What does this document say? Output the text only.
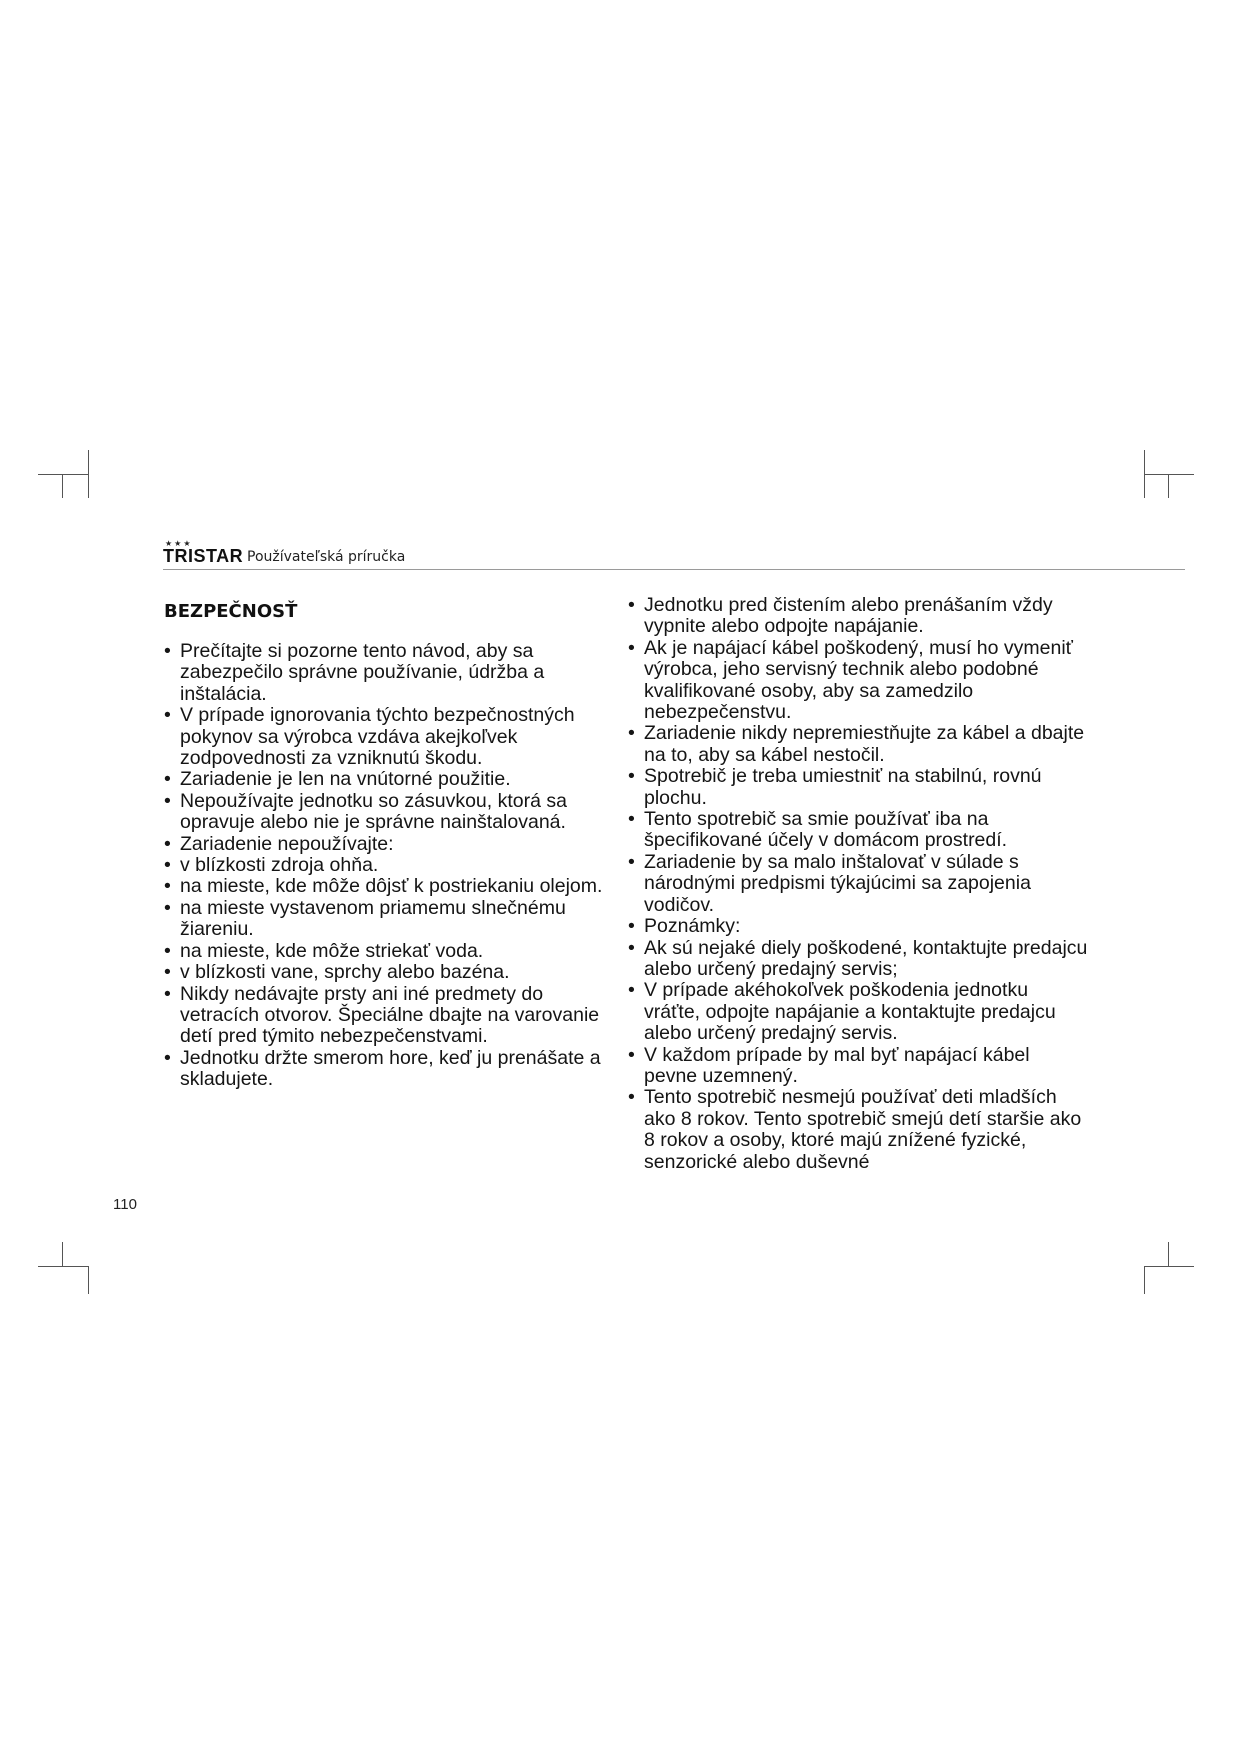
★★★
TRISTAR Používateľská príručka
BEZPEČNOSŤ
• Prečítajte si pozorne tento návod, aby sa zabezpečilo správne používanie, údržba a inštalácia.
• V prípade ignorovania týchto bezpečnostných pokynov sa výrobca vzdáva akejkoľvek zodpovednosti za vzniknutú škodu.
• Zariadenie je len na vnútorné použitie.
• Nepoužívajte jednotku so zásuvkou, ktorá sa opravuje alebo nie je správne nainštalovaná.
• Zariadenie nepoužívajte:
• v blízkosti zdroja ohňa.
• na mieste, kde môže dôjsť k postriekaniu olejom.
• na mieste vystavenom priamemu slnečnému žiareniu.
• na mieste, kde môže striekať voda.
• v blízkosti vane, sprchy alebo bazéna.
• Nikdy nedávajte prsty ani iné predmety do vetracích otvorov. Špeciálne dbajte na varovanie detí pred týmito nebezpečenstvami.
• Jednotku držte smerom hore, keď ju prenášate a skladujete.
• Jednotku pred čistením alebo prenášaním vždy vypnite alebo odpojte napájanie.
• Ak je napájací kábel poškodený, musí ho vymeniť výrobca, jeho servisný technik alebo podobné kvalifikované osoby, aby sa zamedzilo nebezpečenstvu.
• Zariadenie nikdy nepremiestňujte za kábel a dbajte na to, aby sa kábel nestočil.
• Spotrebič je treba umiestniť na stabilnú, rovnú plochu.
• Tento spotrebič sa smie používať iba na špecifikované účely v domácom prostredí.
• Zariadenie by sa malo inštalovať v súlade s národnými predpismi týkajúcimi sa zapojenia vodičov.
• Poznámky:
• Ak sú nejaké diely poškodené, kontaktujte predajcu alebo určený predajný servis;
• V prípade akéhokoľvek poškodenia jednotku vráťte, odpojte napájanie a kontaktujte predajcu alebo určený predajný servis.
• V každom prípade by mal byť napájací kábel pevne uzemnený.
• Tento spotrebič nesmejú používať deti mladších ako 8 rokov. Tento spotrebič smejú detí staršie ako 8 rokov a osoby, ktoré majú znížené fyzické, senzorické alebo duševné
110
